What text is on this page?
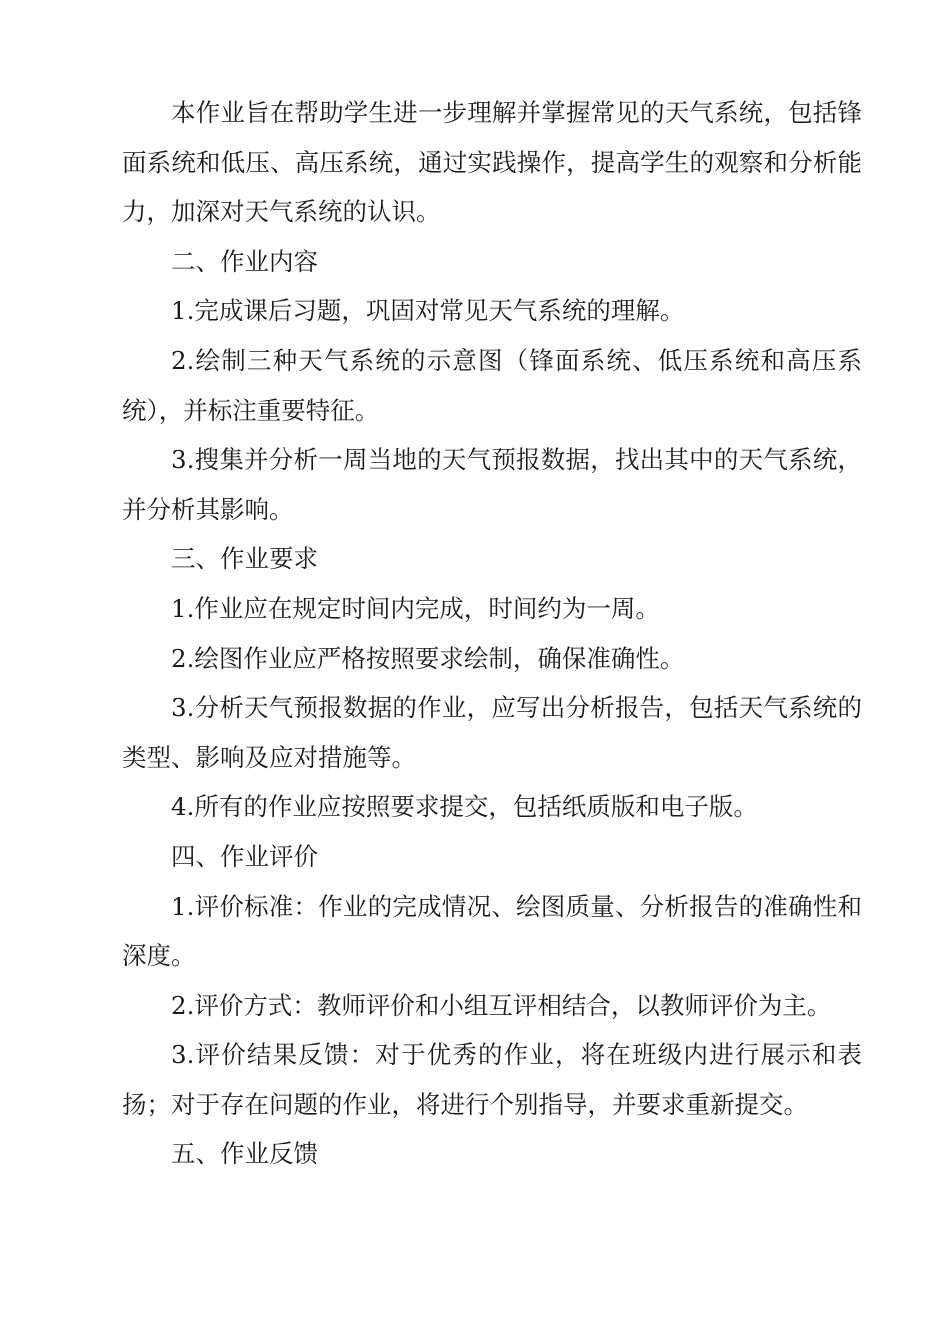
本作业旨在帮助学生进一步理解并掌握常见的天气系统，包括锋面系统和低压、高压系统，通过实践操作，提高学生的观察和分析能力，加深对天气系统的认识。

二、作业内容

1.完成课后习题，巩固对常见天气系统的理解。

2.绘制三种天气系统的示意图（锋面系统、低压系统和高压系统），并标注重要特征。

3.搜集并分析一周当地的天气预报数据，找出其中的天气系统，并分析其影响。

三、作业要求

1.作业应在规定时间内完成，时间约为一周。

2.绘图作业应严格按照要求绘制，确保准确性。

3.分析天气预报数据的作业，应写出分析报告，包括天气系统的类型、影响及应对措施等。

4.所有的作业应按照要求提交，包括纸质版和电子版。

四、作业评价

1.评价标准：作业的完成情况、绘图质量、分析报告的准确性和深度。

2.评价方式：教师评价和小组互评相结合，以教师评价为主。

3.评价结果反馈：对于优秀的作业，将在班级内进行展示和表扬；对于存在问题的作业，将进行个别指导，并要求重新提交。

五、作业反馈
